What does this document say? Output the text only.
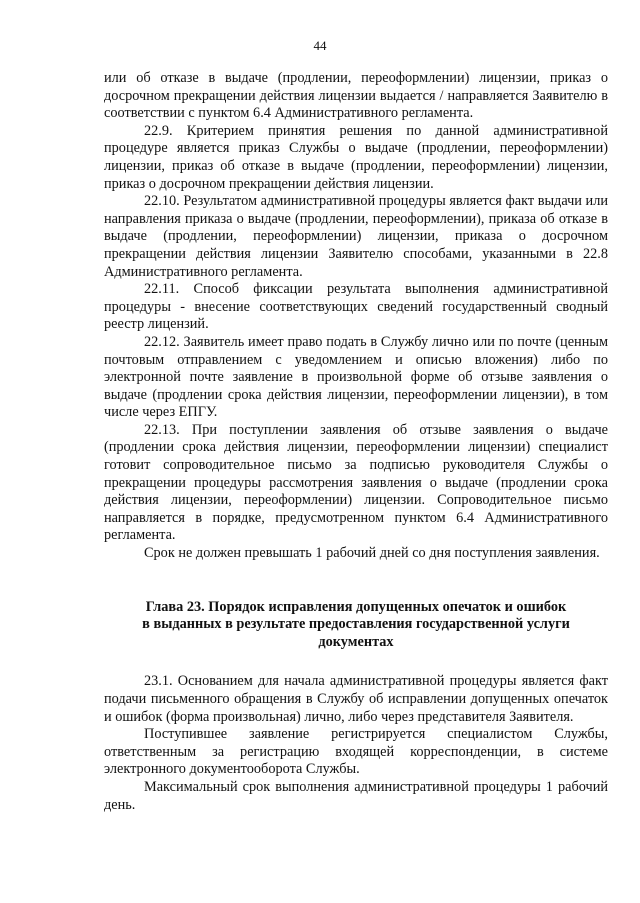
44

или об отказе в выдаче (продлении, переоформлении) лицензии, приказ о досрочном прекращении действия лицензии выдается / направляется Заявителю в соответствии с пунктом 6.4 Административного регламента.

22.9. Критерием принятия решения по данной административной процедуре является приказ Службы о выдаче (продлении, переоформлении) лицензии, приказ об отказе в выдаче (продлении, переоформлении) лицензии, приказ о досрочном прекращении действия лицензии.

22.10. Результатом административной процедуры является факт выдачи или направления приказа о выдаче (продлении, переоформлении), приказа об отказе в выдаче (продлении, переоформлении) лицензии, приказа о досрочном прекращении действия лицензии Заявителю способами, указанными в 22.8 Административного регламента.

22.11. Способ фиксации результата выполнения административной процедуры - внесение соответствующих сведений государственный сводный реестр лицензий.

22.12. Заявитель имеет право подать в Службу лично или по почте (ценным почтовым отправлением с уведомлением и описью вложения) либо по электронной почте заявление в произвольной форме об отзыве заявления о выдаче (продлении срока действия лицензии, переоформлении лицензии), в том числе через ЕПГУ.

22.13. При поступлении заявления об отзыве заявления о выдаче (продлении срока действия лицензии, переоформлении лицензии) специалист готовит сопроводительное письмо за подписью руководителя Службы о прекращении процедуры рассмотрения заявления о выдаче (продлении срока действия лицензии, переоформлении) лицензии. Сопроводительное письмо направляется в порядке, предусмотренном пунктом 6.4 Административного регламента.

Срок не должен превышать 1 рабочий дней со дня поступления заявления.

Глава 23. Порядок исправления допущенных опечаток и ошибок
в выданных в результате предоставления государственной услуги
документах

23.1. Основанием для начала административной процедуры является факт подачи письменного обращения в Службу об исправлении допущенных опечаток и ошибок (форма произвольная) лично, либо через представителя Заявителя.

Поступившее заявление регистрируется специалистом Службы, ответственным за регистрацию входящей корреспонденции, в системе электронного документооборота Службы.

Максимальный срок выполнения административной процедуры 1 рабочий день.
